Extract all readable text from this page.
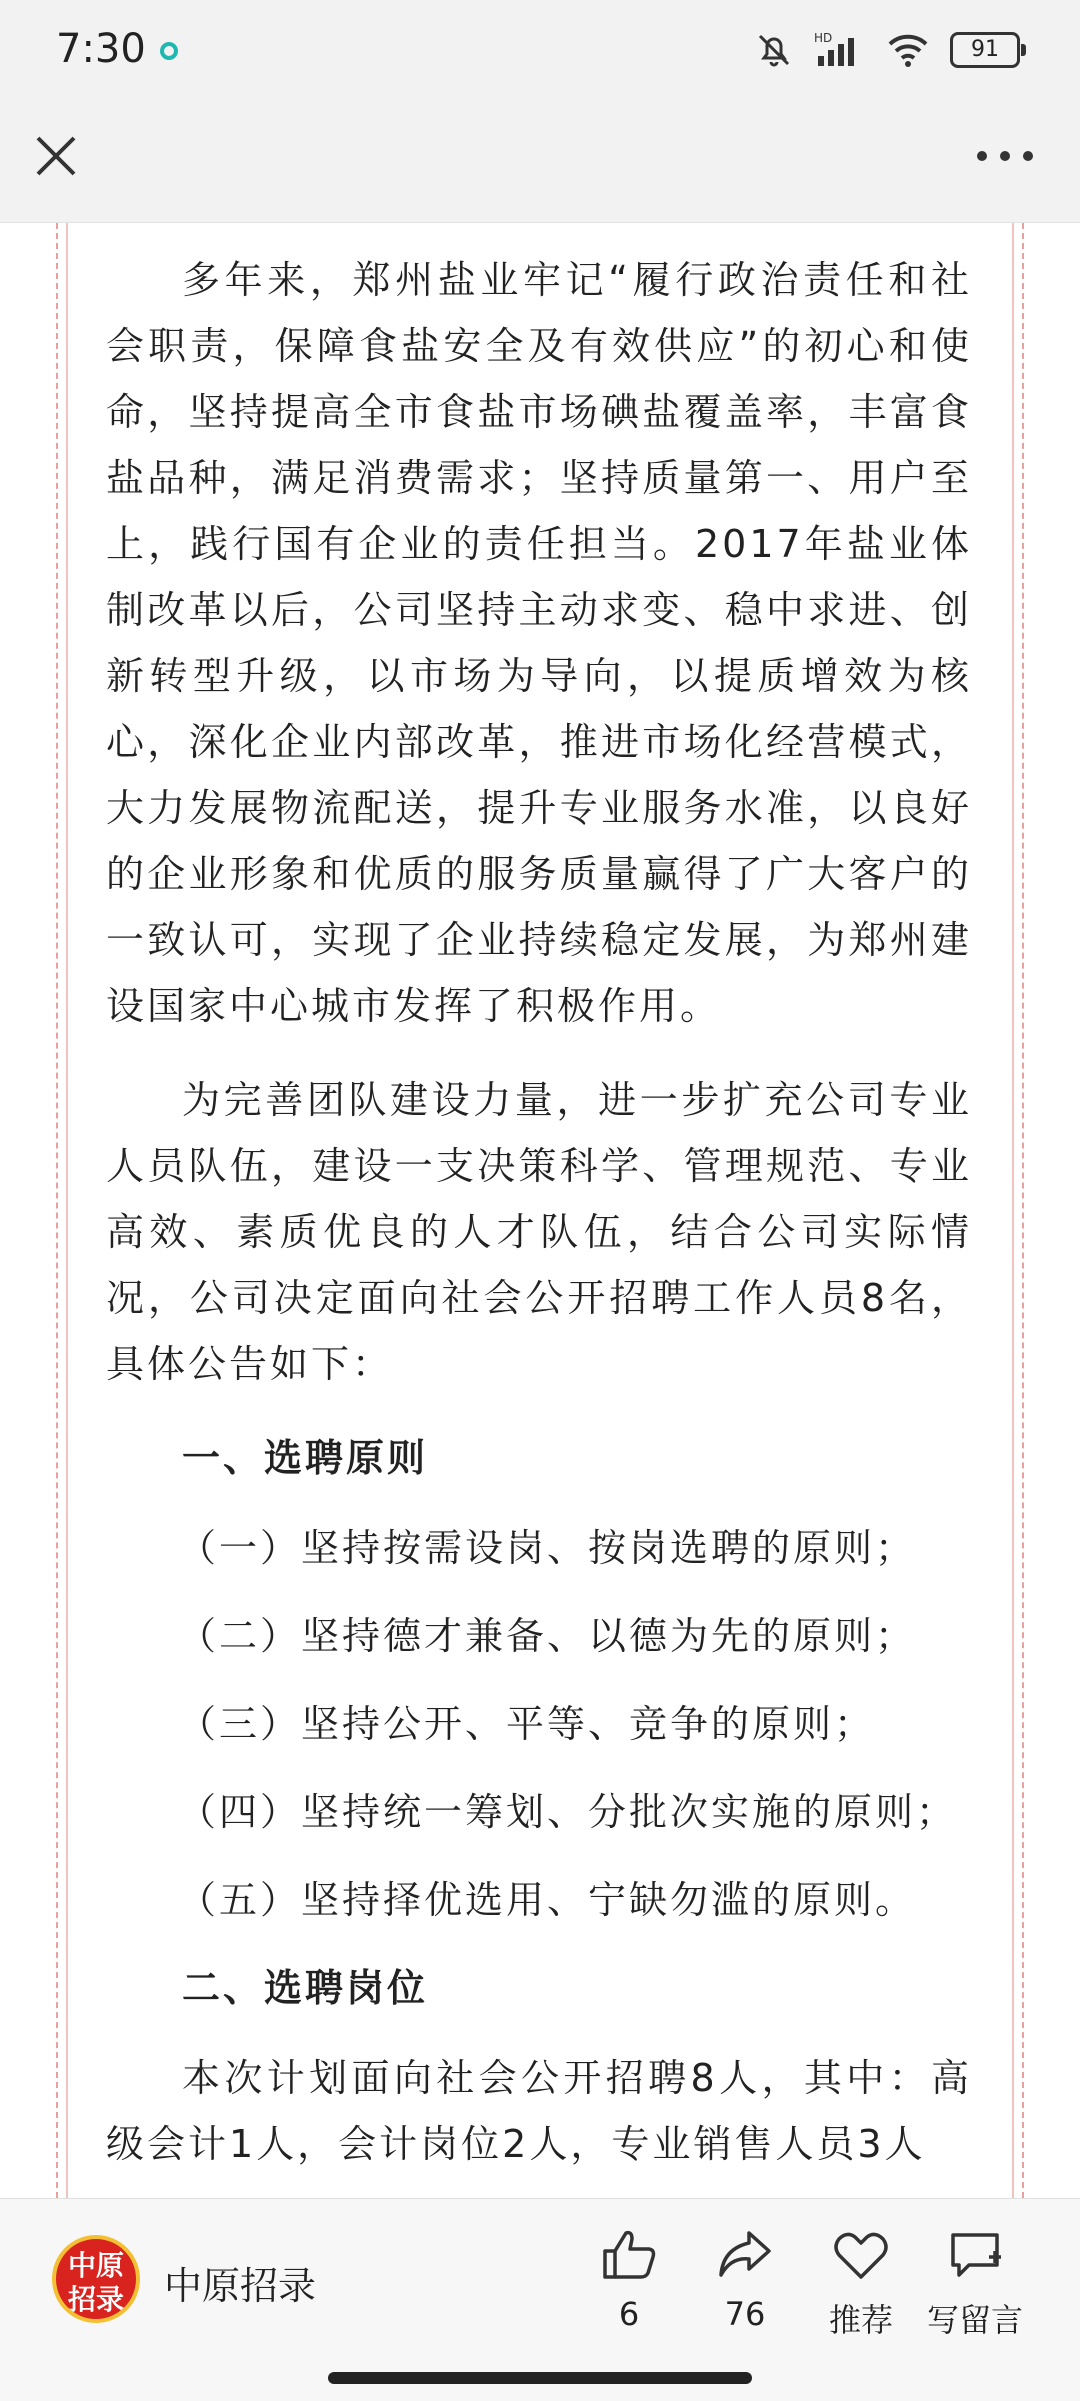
7:30	HD	91

多年来，郑州盐业牢记“履行政治责任和社会职责，保障食盐安全及有效供应”的初心和使命，坚持提高全市食盐市场碘盐覆盖率，丰富食盐品种，满足消费需求；坚持质量第一、用户至上，践行国有企业的责任担当。2017年盐业体制改革以后，公司坚持主动求变、稳中求进、创新转型升级，以市场为导向，以提质增效为核心，深化企业内部改革，推进市场化经营模式，大力发展物流配送，提升专业服务水准，以良好的企业形象和优质的服务质量赢得了广大客户的一致认可，实现了企业持续稳定发展，为郑州建设国家中心城市发挥了积极作用。

为完善团队建设力量，进一步扩充公司专业人员队伍，建设一支决策科学、管理规范、专业高效、素质优良的人才队伍，结合公司实际情况，公司决定面向社会公开招聘工作人员8名，具体公告如下：

一、选聘原则
（一）坚持按需设岗、按岗选聘的原则；
（二）坚持德才兼备、以德为先的原则；
（三）坚持公开、平等、竞争的原则；
（四）坚持统一筹划、分批次实施的原则；
（五）坚持择优选用、宁缺勿滥的原则。
二、选聘岗位

本次计划面向社会公开招聘8人，其中：高级会计1人，会计岗位2人，专业销售人员3人

中原
招录	中原招录
6	76	推荐	写留言
